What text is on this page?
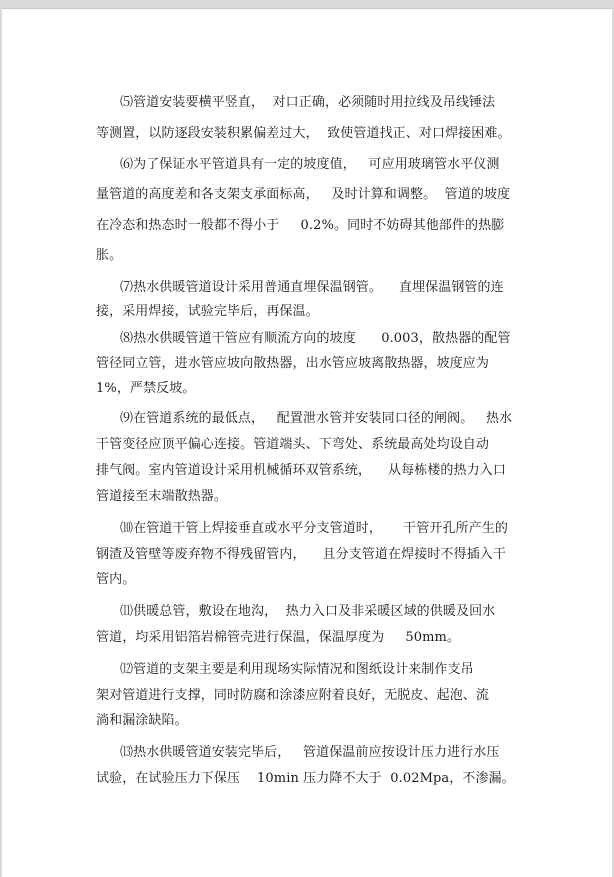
⑸管道安装要横平竖直，  对口正确，必须随时用拉线及吊线锤法
等测置，以防逐段安装积累偏差过大，  致使管道找正、对口焊接困难。
⑹为了保证水平管道具有一定的坡度值，   可应用玻璃管水平仪测
量管道的高度差和各支架支承面标高，   及时计算和调整。  管道的坡度
在冷态和热态时一般都不得小于     0.2%。同时不妨碍其他部件的热膨
胀。
⑺热水供暖管道设计采用普通直埋保温钢管。    直埋保温钢管的连
接，采用焊接，试验完毕后，再保温。
⑻热水供暖管道干管应有顺流方向的坡度      0.003，散热器的配管
管径同立管，进水管应坡向散热器，出水管应坡离散热器，坡度应为
1%，严禁反坡。
⑼在管道系统的最低点，   配置泄水管并安装同口径的闸阀。   热水
干管变径应顶平偏心连接。管道端头、下弯处、系统最高处均设自动
排气阀。室内管道设计采用机械循环双管系统，    从每栋楼的热力入口
管道接至末端散热器。
⑽在管道干管上焊接垂直或水平分支管道时，     干管开孔所产生的
钢渣及管壁等废弃物不得残留管内，    且分支管道在焊接时不得插入干
管内。
⑾供暖总管，敷设在地沟，  热力入口及非采暖区域的供暖及回水
管道，均采用铝箔岩棉管壳进行保温，保温厚度为     50mm。
⑿管道的支架主要是利用现场实际情况和图纸设计来制作支吊
架对管道进行支撑，同时防腐和涂漆应附着良好，无脱皮、起泡、流
淌和漏涂缺陷。
⒀热水供暖管道安装完毕后，   管道保温前应按设计压力进行水压
试验，在试验压力下保压    10min 压力降不大于  0.02Mpa，不渗漏。
